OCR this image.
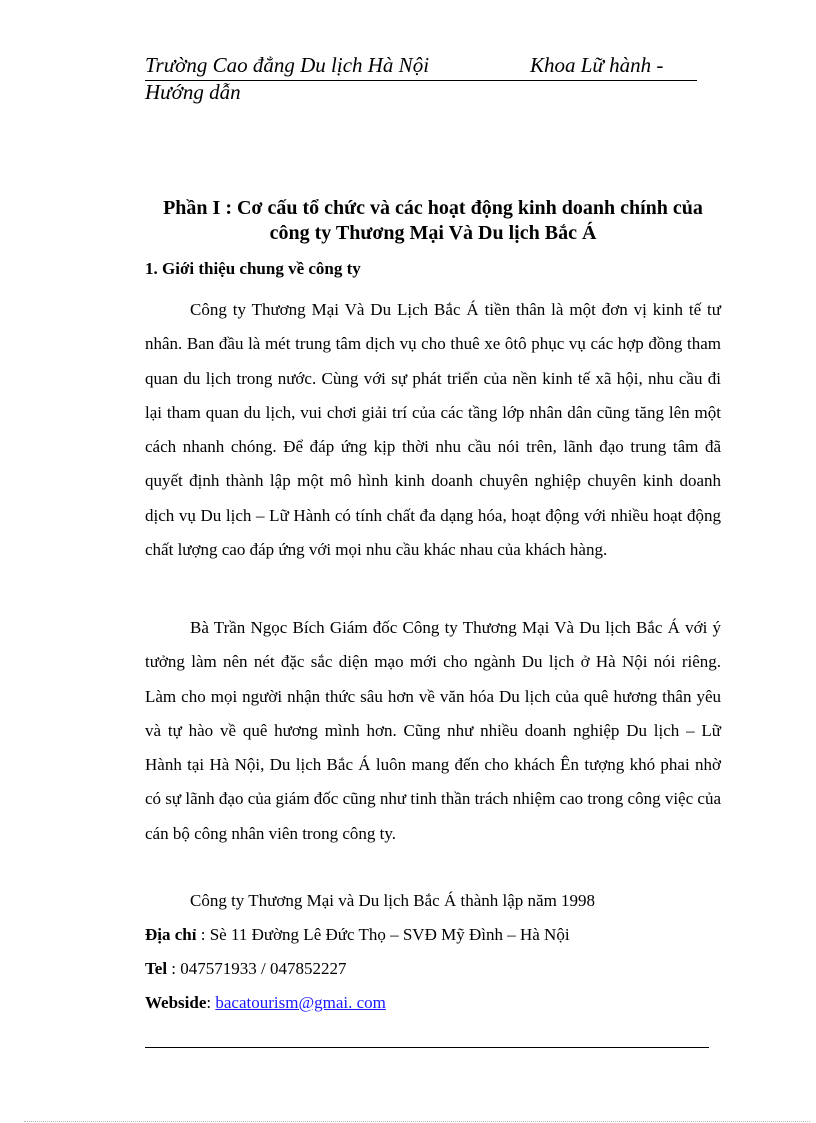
Trường Cao đẳng Du lịch Hà Nội	Khoa Lữ hành -
Hướng dẫn
Phần I : Cơ cấu tổ chức và các hoạt động kinh doanh chính của
công ty Thương Mại Và Du lịch Bắc Á
1. Giới thiệu chung về công ty

Công ty Thương Mại Và Du Lịch Bắc Á tiền thân là một đơn vị kinh tế tư nhân. Ban đầu là mét trung tâm dịch vụ cho thuê xe ôtô phục vụ các hợp đồng tham quan du lịch trong nước. Cùng với sự phát triển của nền kinh tế xã hội, nhu cầu đi lại tham quan du lịch, vui chơi giải trí của các tầng lớp nhân dân cũng tăng lên một cách nhanh chóng. Để đáp ứng kịp thời nhu cầu nói trên, lãnh đạo trung tâm đã quyết định thành lập một mô hình kinh doanh chuyên nghiệp chuyên kinh doanh dịch vụ Du lịch – Lữ Hành có tính chất đa dạng hóa, hoạt động với nhiều hoạt động chất lượng cao đáp ứng với mọi nhu cầu khác nhau của khách hàng.

Bà Trần Ngọc Bích Giám đốc Công ty Thương Mại Và Du lịch Bắc Á với ý tưởng làm nên nét đặc sắc diện mạo mới cho ngành Du lịch ở Hà Nội nói riêng. Làm cho mọi người nhận thức sâu hơn về văn hóa Du lịch của quê hương thân yêu và tự hào về quê hương mình hơn. Cũng như nhiều doanh nghiệp Du lịch – Lữ Hành tại Hà Nội, Du lịch Bắc Á luôn mang đến cho khách Ên tượng khó phai nhờ có sự lãnh đạo của giám đốc cũng như tinh thần trách nhiệm cao trong công việc của cán bộ công nhân viên trong công ty.

Công ty Thương Mại và Du lịch Bắc Á thành lập năm 1998

Địa chỉ : Sè 11 Đường Lê Đức Thọ – SVĐ Mỹ Đình – Hà Nội
Tel : 047571933 / 047852227
Webside: bacatourism@gmai. com
